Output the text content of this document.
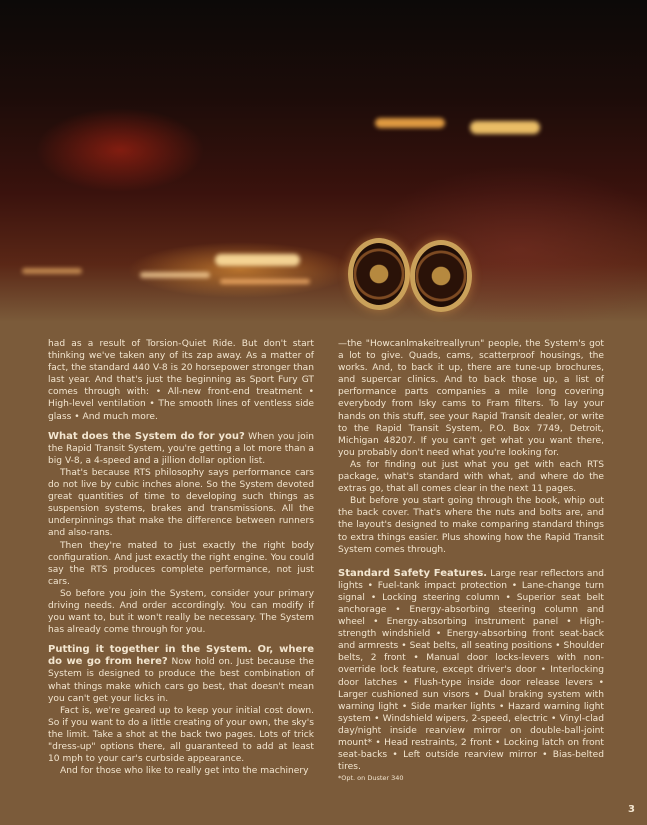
had as a result of Torsion-Quiet Ride. But don't start thinking we've taken any of its zap away. As a matter of fact, the standard 440 V-8 is 20 horsepower stronger than last year. And that's just the beginning as Sport Fury GT comes through with: • All-new front-end treatment • High-level ventilation • The smooth lines of ventless side glass • And much more.

What does the System do for you? When you join the Rapid Transit System, you're getting a lot more than a big V-8, a 4-speed and a jillion dollar option list.

That's because RTS philosophy says performance cars do not live by cubic inches alone. So the System devoted great quantities of time to developing such things as suspension systems, brakes and transmissions. All the underpinnings that make the difference between runners and also-rans.

Then they're mated to just exactly the right body configuration. And just exactly the right engine. You could say the RTS produces complete performance, not just cars.

So before you join the System, consider your primary driving needs. And order accordingly. You can modify if you want to, but it won't really be necessary. The System has already come through for you.

Putting it together in the System. Or, where do we go from here? Now hold on. Just because the System is designed to produce the best combination of what things make which cars go best, that doesn't mean you can't get your licks in.

Fact is, we're geared up to keep your initial cost down. So if you want to do a little creating of your own, the sky's the limit. Take a shot at the back two pages. Lots of trick "dress-up" options there, all guaranteed to add at least 10 mph to your car's curbside appearance.

And for those who like to really get into the machinery

—the "Howcanlmakeitreallyrun" people, the System's got a lot to give. Quads, cams, scatterproof housings, the works. And, to back it up, there are tune-up brochures, and supercar clinics. And to back those up, a list of performance parts companies a mile long covering everybody from Isky cams to Fram filters. To lay your hands on this stuff, see your Rapid Transit dealer, or write to the Rapid Transit System, P.O. Box 7749, Detroit, Michigan 48207. If you can't get what you want there, you probably don't need what you're looking for.

As for finding out just what you get with each RTS package, what's standard with what, and where do the extras go, that all comes clear in the next 11 pages.

But before you start going through the book, whip out the back cover. That's where the nuts and bolts are, and the layout's designed to make comparing standard things to extra things easier. Plus showing how the Rapid Transit System comes through.

Standard Safety Features. Large rear reflectors and lights • Fuel-tank impact protection • Lane-change turn signal • Locking steering column • Superior seat belt anchorage • Energy-absorbing steering column and wheel • Energy-absorbing instrument panel • High-strength windshield • Energy-absorbing front seat-back and armrests • Seat belts, all seating positions • Shoulder belts, 2 front • Manual door locks-levers with non-override lock feature, except driver's door • Interlocking door latches • Flush-type inside door release levers • Larger cushioned sun visors • Dual braking system with warning light • Side marker lights • Hazard warning light system • Windshield wipers, 2-speed, electric • Vinyl-clad day/night inside rearview mirror on double-ball-joint mount* • Head restraints, 2 front • Locking latch on front seat-backs • Left outside rearview mirror • Bias-belted tires.

*Opt. on Duster 340
3
